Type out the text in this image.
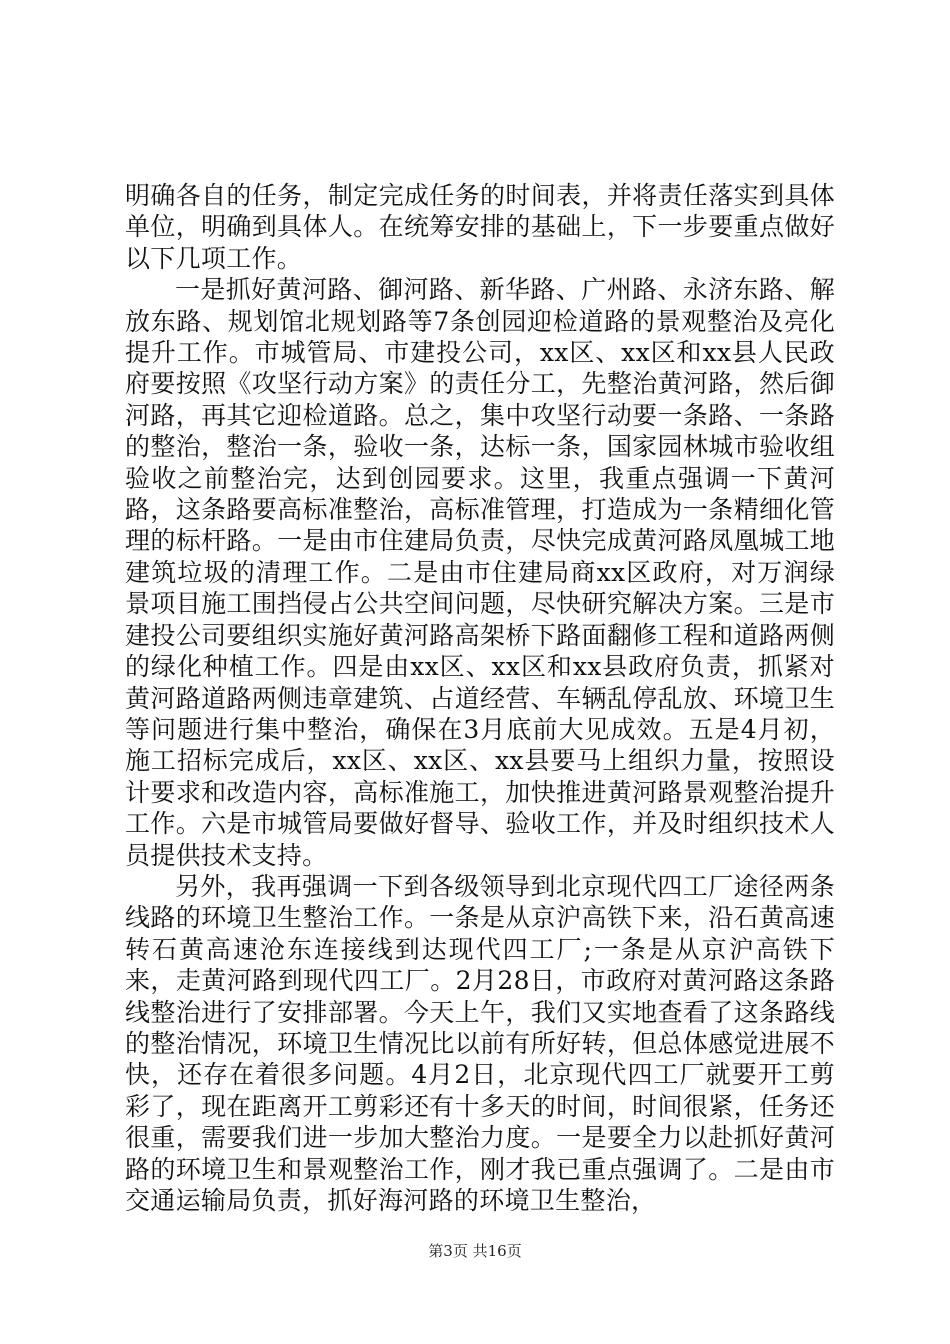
明确各自的任务，制定完成任务的时间表，并将责任落实到具体单位，明确到具体人。在统筹安排的基础上，下一步要重点做好以下几项工作。

一是抓好黄河路、御河路、新华路、广州路、永济东路、解放东路、规划馆北规划路等7条创园迎检道路的景观整治及亮化提升工作。市城管局、市建投公司，xx区、xx区和xx县人民政府要按照《攻坚行动方案》的责任分工，先整治黄河路，然后御河路，再其它迎检道路。总之，集中攻坚行动要一条路、一条路的整治，整治一条，验收一条，达标一条，国家园林城市验收组验收之前整治完，达到创园要求。这里，我重点强调一下黄河路，这条路要高标准整治，高标准管理，打造成为一条精细化管理的标杆路。一是由市住建局负责，尽快完成黄河路凤凰城工地建筑垃圾的清理工作。二是由市住建局商xx区政府，对万润绿景项目施工围挡侵占公共空间问题，尽快研究解决方案。三是市建投公司要组织实施好黄河路高架桥下路面翻修工程和道路两侧的绿化种植工作。四是由xx区、xx区和xx县政府负责，抓紧对黄河路道路两侧违章建筑、占道经营、车辆乱停乱放、环境卫生等问题进行集中整治，确保在3月底前大见成效。五是4月初，施工招标完成后，xx区、xx区、xx县要马上组织力量，按照设计要求和改造内容，高标准施工，加快推进黄河路景观整治提升工作。六是市城管局要做好督导、验收工作，并及时组织技术人员提供技术支持。

另外，我再强调一下到各级领导到北京现代四工厂途径两条线路的环境卫生整治工作。一条是从京沪高铁下来，沿石黄高速转石黄高速沧东连接线到达现代四工厂;一条是从京沪高铁下来，走黄河路到现代四工厂。2月28日，市政府对黄河路这条路线整治进行了安排部署。今天上午，我们又实地查看了这条路线的整治情况，环境卫生情况比以前有所好转，但总体感觉进展不快，还存在着很多问题。4月2日，北京现代四工厂就要开工剪彩了，现在距离开工剪彩还有十多天的时间，时间很紧，任务还很重，需要我们进一步加大整治力度。一是要全力以赴抓好黄河路的环境卫生和景观整治工作，刚才我已重点强调了。二是由市交通运输局负责，抓好海河路的环境卫生整治，

第3页 共16页
